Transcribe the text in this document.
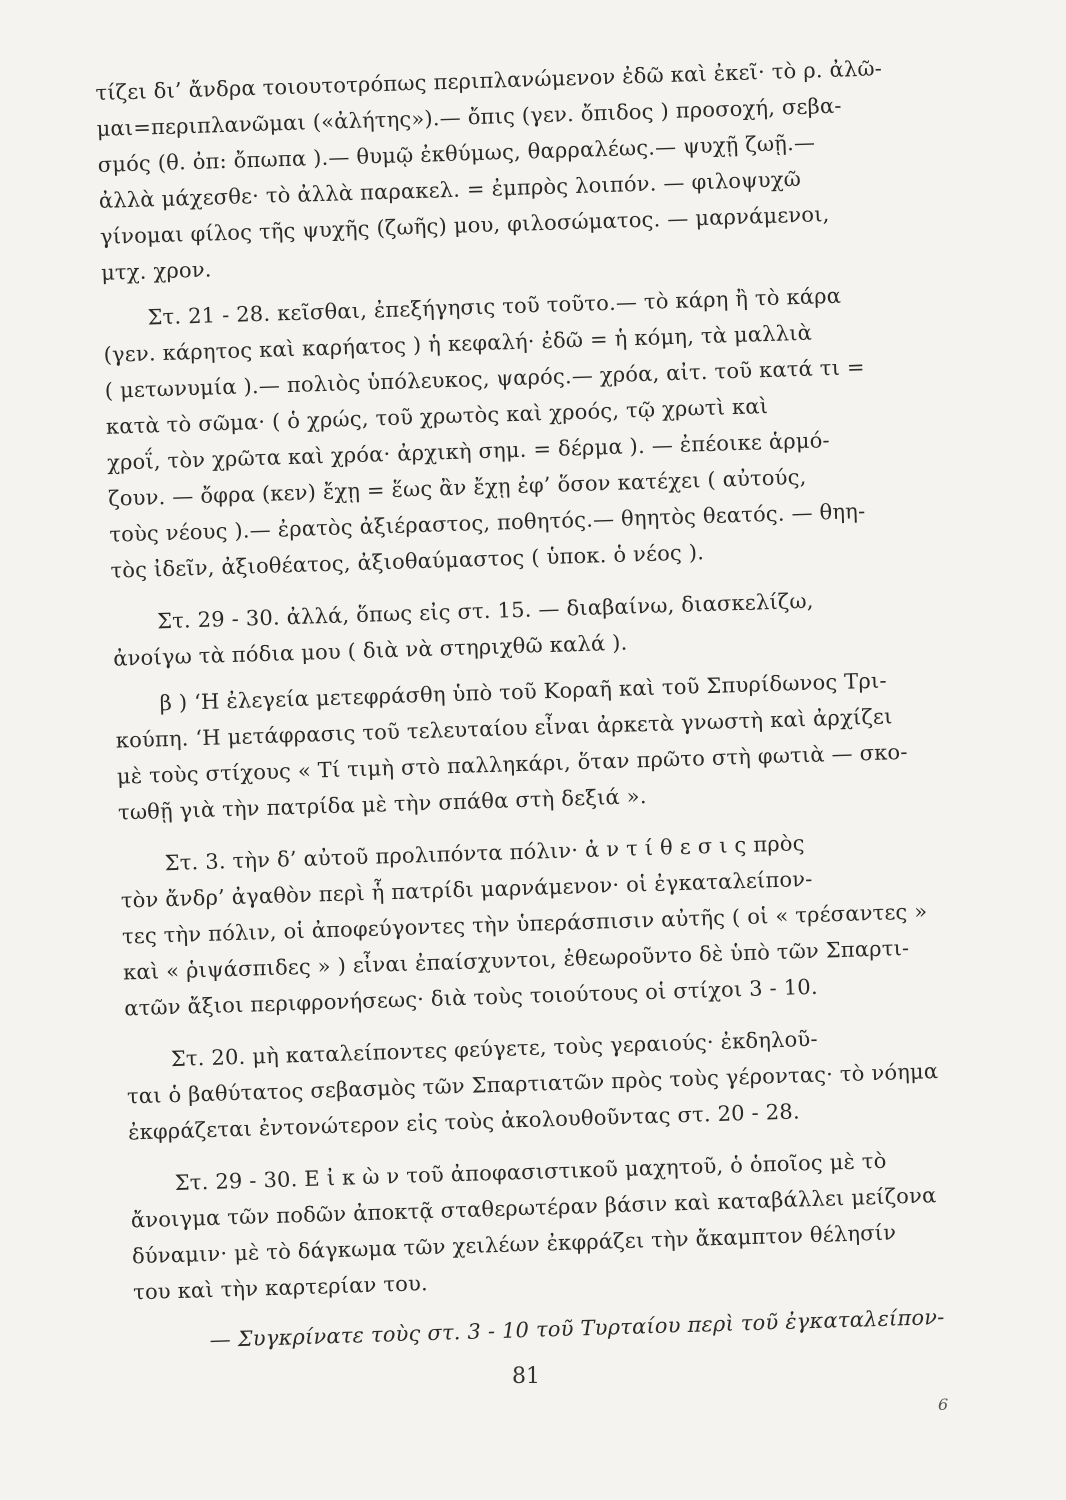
τίζει δι’ ἄνδρα τοιουτοτρόπως περιπλανώμενον ἐδῶ καὶ ἐκεῖ· τὸ ρ. ἀλῶ-
μαι=περιπλανῶμαι («ἀλήτης»).— ὄπις (γεν. ὄπιδος ) προσοχή, σεβα-
σμός (θ. ὀπ: ὄπωπα ).— θυμῷ ἐκθύμως, θαρραλέως.— ψυχῇ ζωῇ.—
ἀλλὰ μάχεσθε· τὸ ἀλλὰ παρακελ. = ἐμπρὸς λοιπόν. — φιλοψυχῶ
γίνομαι φίλος τῆς ψυχῆς (ζωῆς) μου, φιλοσώματος. — μαρνάμενοι,
μτχ. χρον.
Στ. 21 - 28. κεῖσθαι, ἐπεξήγησις τοῦ τοῦτο.— τὸ κάρη ἢ τὸ κάρα
(γεν. κάρητος καὶ καρήατος ) ἡ κεφαλή· ἐδῶ = ἡ κόμη, τὰ μαλλιὰ
( μετωνυμία ).— πολιὸς ὑπόλευκος, ψαρός.— χρόα, αἰτ. τοῦ κατά τι =
κατὰ τὸ σῶμα· ( ὁ χρώς, τοῦ χρωτὸς καὶ χροός, τῷ χρωτὶ καὶ
χροΐ, τὸν χρῶτα καὶ χρόα· ἀρχικὴ σημ. = δέρμα ). — ἐπέοικε ἁρμό-
ζουν. — ὄφρα (κεν) ἔχῃ = ἕως ἂν ἔχῃ ἐφ’ ὅσον κατέχει ( αὐτούς,
τοὺς νέους ).— ἐρατὸς ἀξιέραστος, ποθητός.— θηητὸς θεατός. — θηη-
τὸς ἰδεῖν, ἀξιοθέατος, ἀξιοθαύμαστος ( ὑποκ. ὁ νέος ).
Στ. 29 - 30. ἀλλά, ὅπως εἰς στ. 15. — διαβαίνω, διασκελίζω,
ἀνοίγω τὰ πόδια μου ( διὰ νὰ στηριχθῶ καλά ).
β ) ‘Η ἐλεγεία μετεφράσθη ὑπὸ τοῦ Κοραῆ καὶ τοῦ Σπυρίδωνος Τρι-
κούπη. ‘Η μετάφρασις τοῦ τελευταίου εἶναι ἀρκετὰ γνωστὴ καὶ ἀρχίζει
μὲ τοὺς στίχους « Τί τιμὴ στὸ παλληκάρι, ὅταν πρῶτο στὴ φωτιὰ — σκο-
τωθῇ γιὰ τὴν πατρίδα μὲ τὴν σπάθα στὴ δεξιά ».
Στ. 3. τὴν δ’ αὐτοῦ προλιπόντα πόλιν· ἀ ν τ ί θ ε σ ι ς πρὸς
τὸν ἄνδρ’ ἀγαθὸν περὶ ἧ πατρίδι μαρνάμενον· οἱ ἐγκαταλείπον-
τες τὴν πόλιν, οἱ ἀποφεύγοντες τὴν ὑπεράσπισιν αὐτῆς ( οἱ « τρέσαντες »
καὶ « ῥιψάσπιδες » ) εἶναι ἐπαίσχυντοι, ἐθεωροῦντο δὲ ὑπὸ τῶν Σπαρτι-
ατῶν ἄξιοι περιφρονήσεως· διὰ τοὺς τοιούτους οἱ στίχοι 3 - 10.
Στ. 20. μὴ καταλείποντες φεύγετε, τοὺς γεραιούς· ἐκδηλοῦ-
ται ὁ βαθύτατος σεβασμὸς τῶν Σπαρτιατῶν πρὸς τοὺς γέροντας· τὸ νόημα
ἐκφράζεται ἐντονώτερον εἰς τοὺς ἀκολουθοῦντας στ. 20 - 28.
Στ. 29 - 30. Ε ἰ κ ὼ ν τοῦ ἀποφασιστικοῦ μαχητοῦ, ὁ ὁποῖος μὲ τὸ
ἄνοιγμα τῶν ποδῶν ἀποκτᾷ σταθερωτέραν βάσιν καὶ καταβάλλει μείζονα
δύναμιν· μὲ τὸ δάγκωμα τῶν χειλέων ἐκφράζει τὴν ἄκαμπτον θέλησίν
του καὶ τὴν καρτερίαν του.
— Συγκρίνατε τοὺς στ. 3 - 10 τοῦ Τυρταίου περὶ τοῦ ἐγκαταλείπον-
81
6
